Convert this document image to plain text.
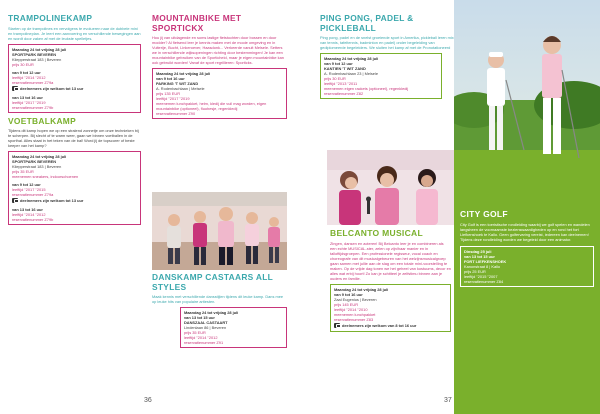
TRAMPOLINEKAMP
Starten op de trampolines en vervolgens te evolueren naar de dubbele mini en trampolineplan. Je leert een aanvoering en verschillende bewegingen aan en wordt door zaken af met de leukste spelletjes.
Maandag 24 tot vrijdag 28 juli
SPORTPARK BEVEREN
Kliepperstraat 183 | Beveren
prijs 30 EUR
van 9 tot 12 uur
leeftijd "2014 "2012
reservatienummer Z79a
deelnemers zijn welkom tot 13 uur
van 13 tot 16 uur
leeftijd "2017 "2019
reservatienummer Z79b
VOETBALKAMP
Tijdens dit kamp hopen we op een stralend zonnetje om onze technieken bij te scherpen. Bij slecht of te warm weer, gaan we binnen voetballen in de sporthal. Alles staat in het teken van de bal! Word jij de topscorer of beste keeper van het kamp?
Maandag 24 tot vrijdag 28 juli
SPORTPARK BEVEREN
Kliepperstraat 183 | Beveren
prijs 35 EUR
meenemen sneakers, indoorschoenen
van 9 tot 12 uur
leeftijd "2017 "2015
reservatienummer Z79a
deelnemers zijn welkom tot 13 uur
van 13 tot 16 uur
leeftijd "2014 "2012
reservatienummer Z79b
MOUNTAINBIKE MET SPORTICKX
Hou jij van uitdagende en soms lastige fietstochten door bossen en door modder? Al fietsend leer je kennis maken met de mooie omgeving en in Vulterije, Bucht, Linkeroever, Haasdonk... Verkeerde vanuit Melsele. Setters we in verschillende wijksopeningen richting door bestemmingen! Je kan een mountainbike gebruiken van de Sporticheid, maar je eigen mountainbike kan ook gebruikt worden! Vanaf de sport regrillieren: Sporticks.
Maandag 24 tot vrijdag 28 juli
van 9 tot 16 uur
PARKING 'T WIT ZAND
A. Rodenbachlaan | Melsele
prijs 135 EUR
leeftijd "2017 "2019
meenemen lunchpakket, helm, kledij die vuil mag worden, eigen mountainbike (optioneel), fluohesje, regenkledij
reservatienummer Z90
DANSKAMP CASTAARS ALL STYLES
Maak kennis met verschillende dansstijlen tijdens dit leuke kamp. Dans mee op leuke hits van populaire artiesten.
Maandag 24 tot vrijdag 28 juli
van 13 tot 15 uur
DANSZAAL CASTAART
Lindenlaan 86 | Beveren
prijs 35 EUR
leeftijd "2014 "2012
reservatienummer Z91
36
PING PONG, PADEL & PICKLEBALL
Ping pong, padel en de snelst groeiende sport in Amerika, pickleball leren mix van tennis, tafeltennis, badminton en padel) onder begeleiding van gediplomeerde begeleiders. We sluiten het kamp af met de Pronotationeerd
Maandag 24 tot vrijdag 28 juli
van 9 tot 12 uur
KANTIEN 'T WIT ZAND
A. Rodenbachlaan 23 | Melsele
prijs 30 EUR
leeftijd "2013 "2011
meenemen eigen rackets (optioneel), regenkledij
reservatienummer Z82
BELCANTO MUSICAL
Zingen, dansen en acteren! Bij Belcanto leer je en combineren als een echte MUSICAL-ster, zelen op zijn/haar manier en in talloftijdsgroepen. Een professionele regisseur, vocal coach en choreografe van dit musicalgebeuren van het welzijnsmusicalgroep gaan samen met jullie aan de slag om een totale mini-voorstelling te maken. Op de vrijde dag tonen we het geheel van kostuums, decor en alles wat erbij hoort! Zo kan je schitteel je zelfstimu binnen aan je ouders en familie.
Maandag 24 tot vrijdag 28 juli
van 9 tot 16 uur
Zaal Eugenius | Beveren
prijs 145 EUR
leeftijd "2014 "2010
meenemen lunchpakket
reservatienummer Z83
deelnemers zijn welkom van 8 tot 16 uur
37
CITY GOLF
City Golf is een toeristische rondleiding waarbij we golf spelen en wandelen langsheen de voornaamste bezienswaardigheden op en rond het fort Liefkenshoek te Kallo. Geen golfervaring vereist, iedereen kan deelnemen! Tijdens deze rondleiding worden we begeleid door een animator.
Dinsdag 25 juli
van 13 tot 15 uur
FORT LIEFKENSHOEK
Kanonstraat 8 | Kallo
prijs 25 EUR
leeftijd "2015 "2007
reservatienummer Z84
